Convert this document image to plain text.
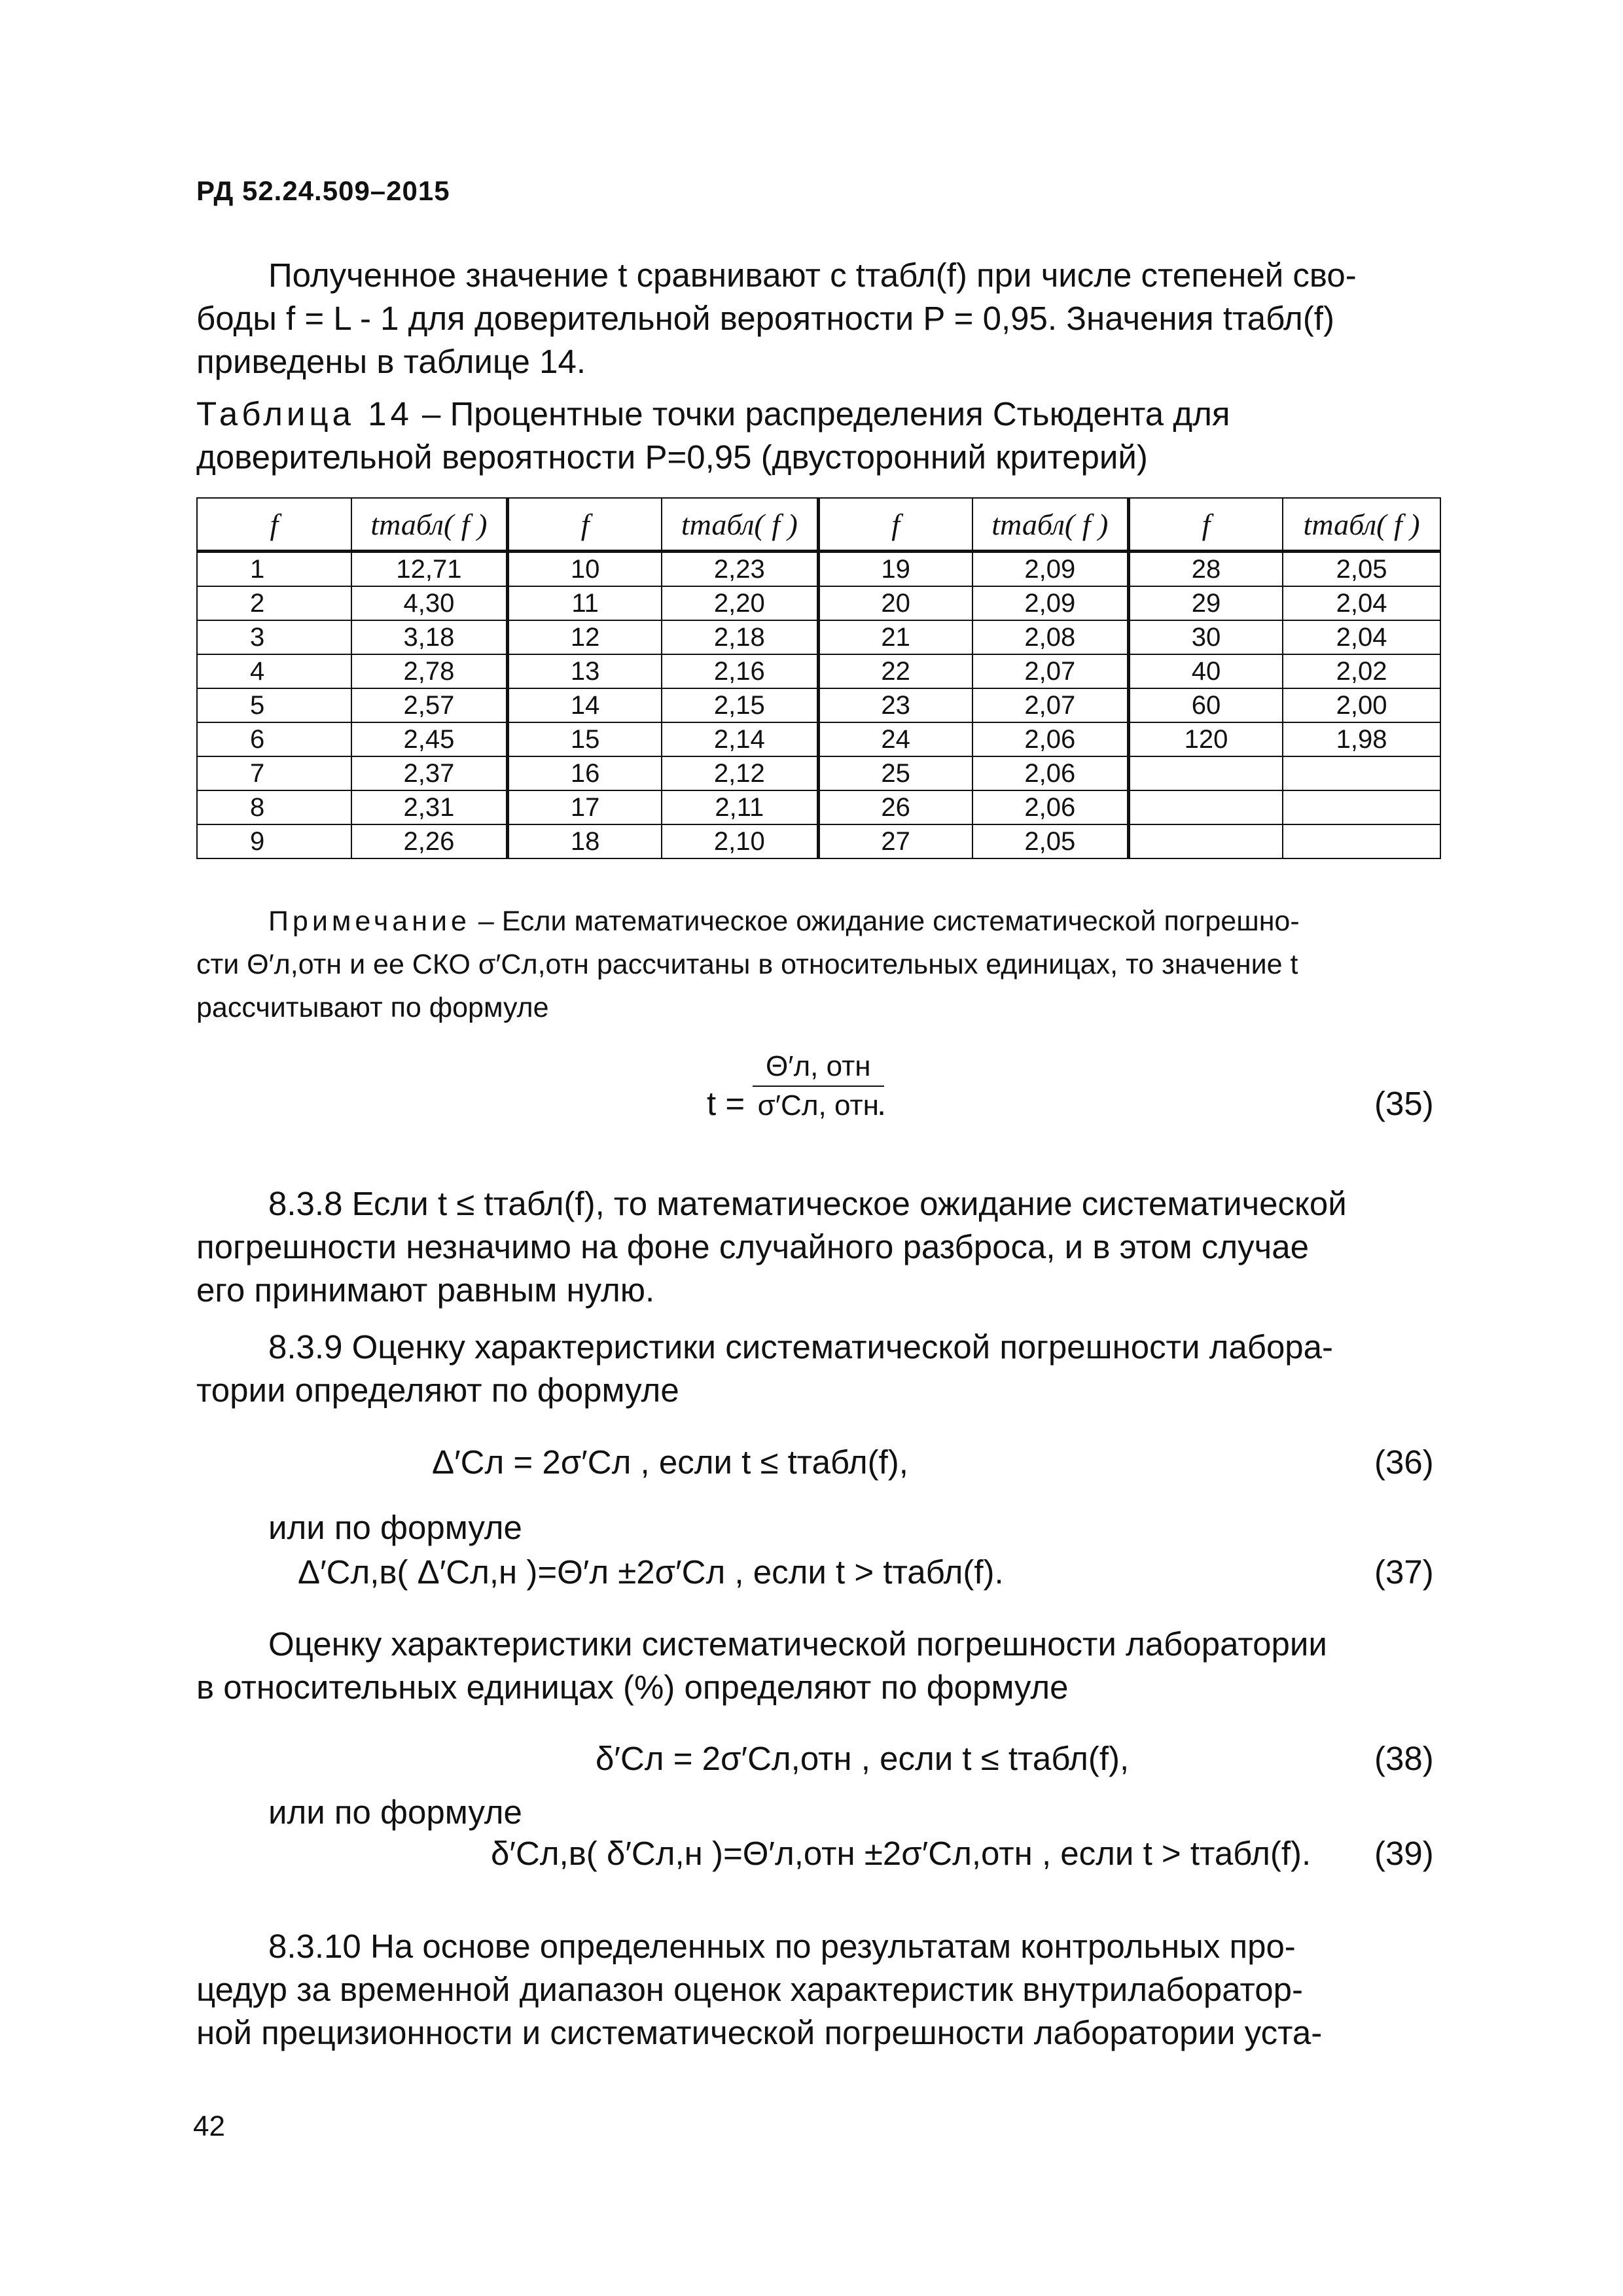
РД 52.24.509–2015

Полученное значение t сравнивают с tтабл(f) при числе степеней сво-

боды f = L - 1 для доверительной вероятности P = 0,95. Значения tтабл(f)

приведены в таблице 14.

Таблица 14 – Процентные точки распределения Стьюдента для
доверительной вероятности P=0,95 (двусторонний критерий)
f	tтабл( f )	f	tтабл( f )	f	tтабл( f )	f	tтабл( f )
1	12,71	10	2,23	19	2,09	28	2,05
2	4,30	11	2,20	20	2,09	29	2,04
3	3,18	12	2,18	21	2,08	30	2,04
4	2,78	13	2,16	22	2,07	40	2,02
5	2,57	14	2,15	23	2,07	60	2,00
6	2,45	15	2,14	24	2,06	120	1,98
7	2,37	16	2,12	25	2,06		
8	2,31	17	2,11	26	2,06		
9	2,26	18	2,10	27	2,05		
Примечание – Если математическое ожидание систематической погрешно-
сти Θ′л,отн и ее СКО σ′Сл,отн рассчитаны в относительных единицах, то значение t
рассчитывают по формуле
t =
Θ′л, отн
σ′Сл, отн
.	(35)

8.3.8 Если t ≤ tтабл(f), то математическое ожидание систематической

погрешности незначимо на фоне случайного разброса, и в этом случае

его принимают равным нулю.

8.3.9 Оценку характеристики систематической погрешности лабора-

тории определяют по формуле

Δ′Сл = 2σ′Сл , если t ≤ tтабл(f),	(36)
или по формуле
Δ′Сл,в( Δ′Сл,н )=Θ′л ±2σ′Сл , если t > tтабл(f).	(37)

Оценку характеристики систематической погрешности лаборатории

в относительных единицах (%) определяют по формуле

δ′Сл = 2σ′Сл,отн , если t ≤ tтабл(f),	(38)
или по формуле
δ′Сл,в( δ′Сл,н )=Θ′л,отн ±2σ′Сл,отн , если t > tтабл(f). (39)

8.3.10 На основе определенных по результатам контрольных про-

цедур за временной диапазон оценок характеристик внутрилаборатор-

ной прецизионности и систематической погрешности лаборатории уста-

42
